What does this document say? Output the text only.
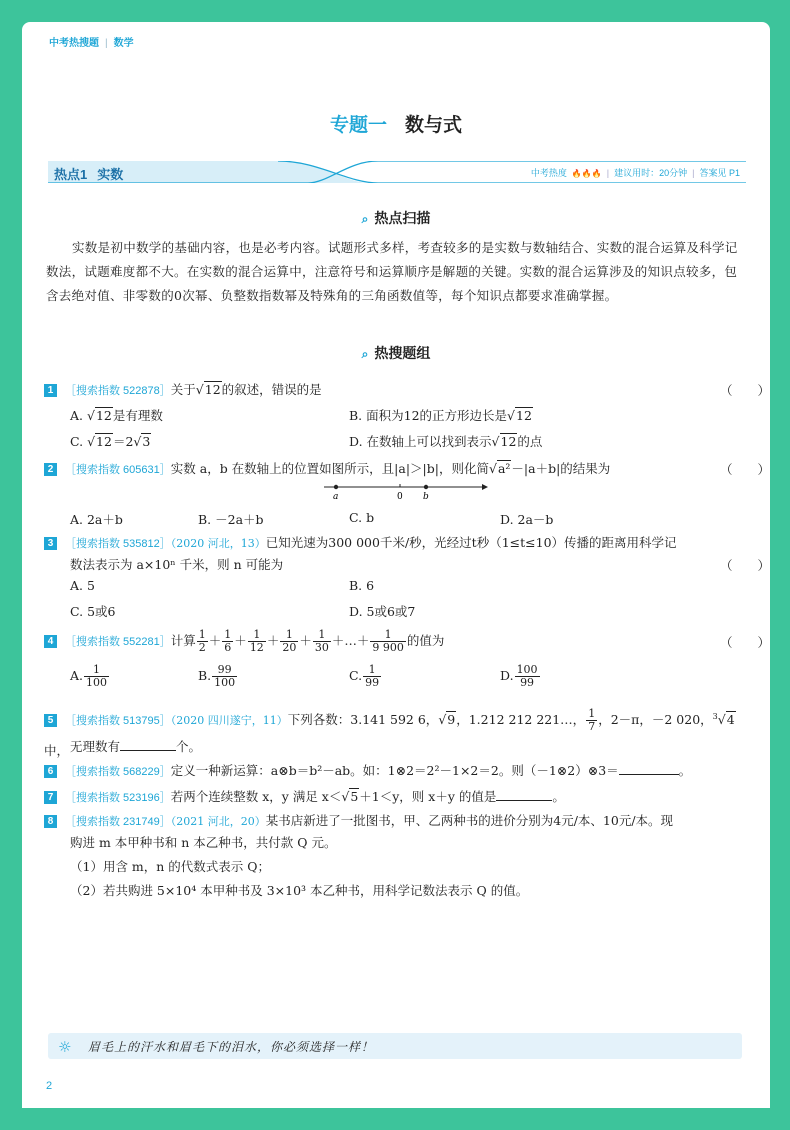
中考热搜题 | 数学
专题一 数与式
热点1 实数	中考热度 🔥🔥🔥 | 建议用时：20分钟 | 答案见 P1
⌕ 热点扫描
实数是初中数学的基础内容，也是必考内容。试题形式多样，考查较多的是实数与数轴结合、实数的混合运算及科学记数法，试题难度都不大。在实数的混合运算中，注意符号和运算顺序是解题的关键。实数的混合运算涉及的知识点较多，包含去绝对值、非零数的0次幂、负整数指数幂及特殊角的三角函数值等，每个知识点都要求准确掌握。
⌕ 热搜题组
1 ［搜索指数 522878］关于√12的叙述，错误的是	（　　）
A. √12是有理数	B. 面积为12的正方形边长是√12
C. √12＝2√3	D. 在数轴上可以找到表示√12的点
2 ［搜索指数 605631］实数 a，b 在数轴上的位置如图所示，且|a|＞|b|，则化简√a²－|a＋b|的结果为	（　　）
a	0 b
A. 2a＋b	B. －2a＋b	C. b	D. 2a－b
3 ［搜索指数 535812］（2020 河北，13）已知光速为300 000千米/秒，光经过t秒（1≤t≤10）传播的距离用科学记
数法表示为 a×10ⁿ 千米，则 n 可能为	（　　）
A. 5	B. 6
C. 5或6	D. 5或6或7
4 ［搜索指数 552281］计算 $\frac{1}{2} + \frac{1}{6} + \frac{1}{12} + \frac{1}{20} + \frac{1}{30}$ ＋…＋ $\frac{1}{9 900}$ 的值为	（　　）
A. $\frac{1}{100}$	B. $\frac{99}{100}$	C. $\frac{1}{99}$	D. $\frac{100}{99}$
5 ［搜索指数 513795］（2020 四川遂宁，11）下列各数：3.141 592 6，√9，1.212 212 221…， $\frac{1}{7}$ ，2－π，－2 020，$^3$√4中， 无理数有	个。
6 ［搜索指数 568229］定义一种新运算：a⊗b＝b²－ab。如：1⊗2＝2²－1×2＝2。则（－1⊗2）⊗3＝	。
7 ［搜索指数 523196］若两个连续整数 x，y 满足 x＜√5＋1＜y，则 x＋y 的值是	。
8 ［搜索指数 231749］（2021 河北，20）某书店新进了一批图书，甲、乙两种书的进价分别为4元/本、10元/本。现
购进 m 本甲种书和 n 本乙种书，共付款 Q 元。
（1）用含 m，n 的代数式表示 Q；
（2）若共购进 5×10⁴ 本甲种书及 3×10³ 本乙种书，用科学记数法表示 Q 的值。
☼ 眉毛上的汗水和眉毛下的泪水，你必须选择一样！
2
